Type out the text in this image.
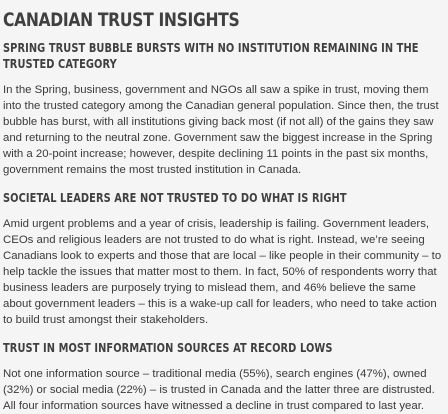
CANADIAN TRUST INSIGHTS
SPRING TRUST BUBBLE BURSTS WITH NO INSTITUTION REMAINING IN THE TRUSTED CATEGORY

In the Spring, business, government and NGOs all saw a spike in trust, moving them into the trusted category among the Canadian general population. Since then, the trust bubble has burst, with all institutions giving back most (if not all) of the gains they saw and returning to the neutral zone. Government saw the biggest increase in the Spring with a 20-point increase; however, despite declining 11 points in the past six months, government remains the most trusted institution in Canada.

SOCIETAL LEADERS ARE NOT TRUSTED TO DO WHAT IS RIGHT

Amid urgent problems and a year of crisis, leadership is failing. Government leaders, CEOs and religious leaders are not trusted to do what is right. Instead, we’re seeing Canadians look to experts and those that are local – like people in their community – to help tackle the issues that matter most to them. In fact, 50% of respondents worry that business leaders are purposely trying to mislead them, and 46% believe the same about government leaders – this is a wake-up call for leaders, who need to take action to build trust amongst their stakeholders.

TRUST IN MOST INFORMATION SOURCES AT RECORD LOWS

Not one information source – traditional media (55%), search engines (47%), owned (32%) or social media (22%) – is trusted in Canada and the latter three are distrusted. All four information sources have witnessed a decline in trust compared to last year.
